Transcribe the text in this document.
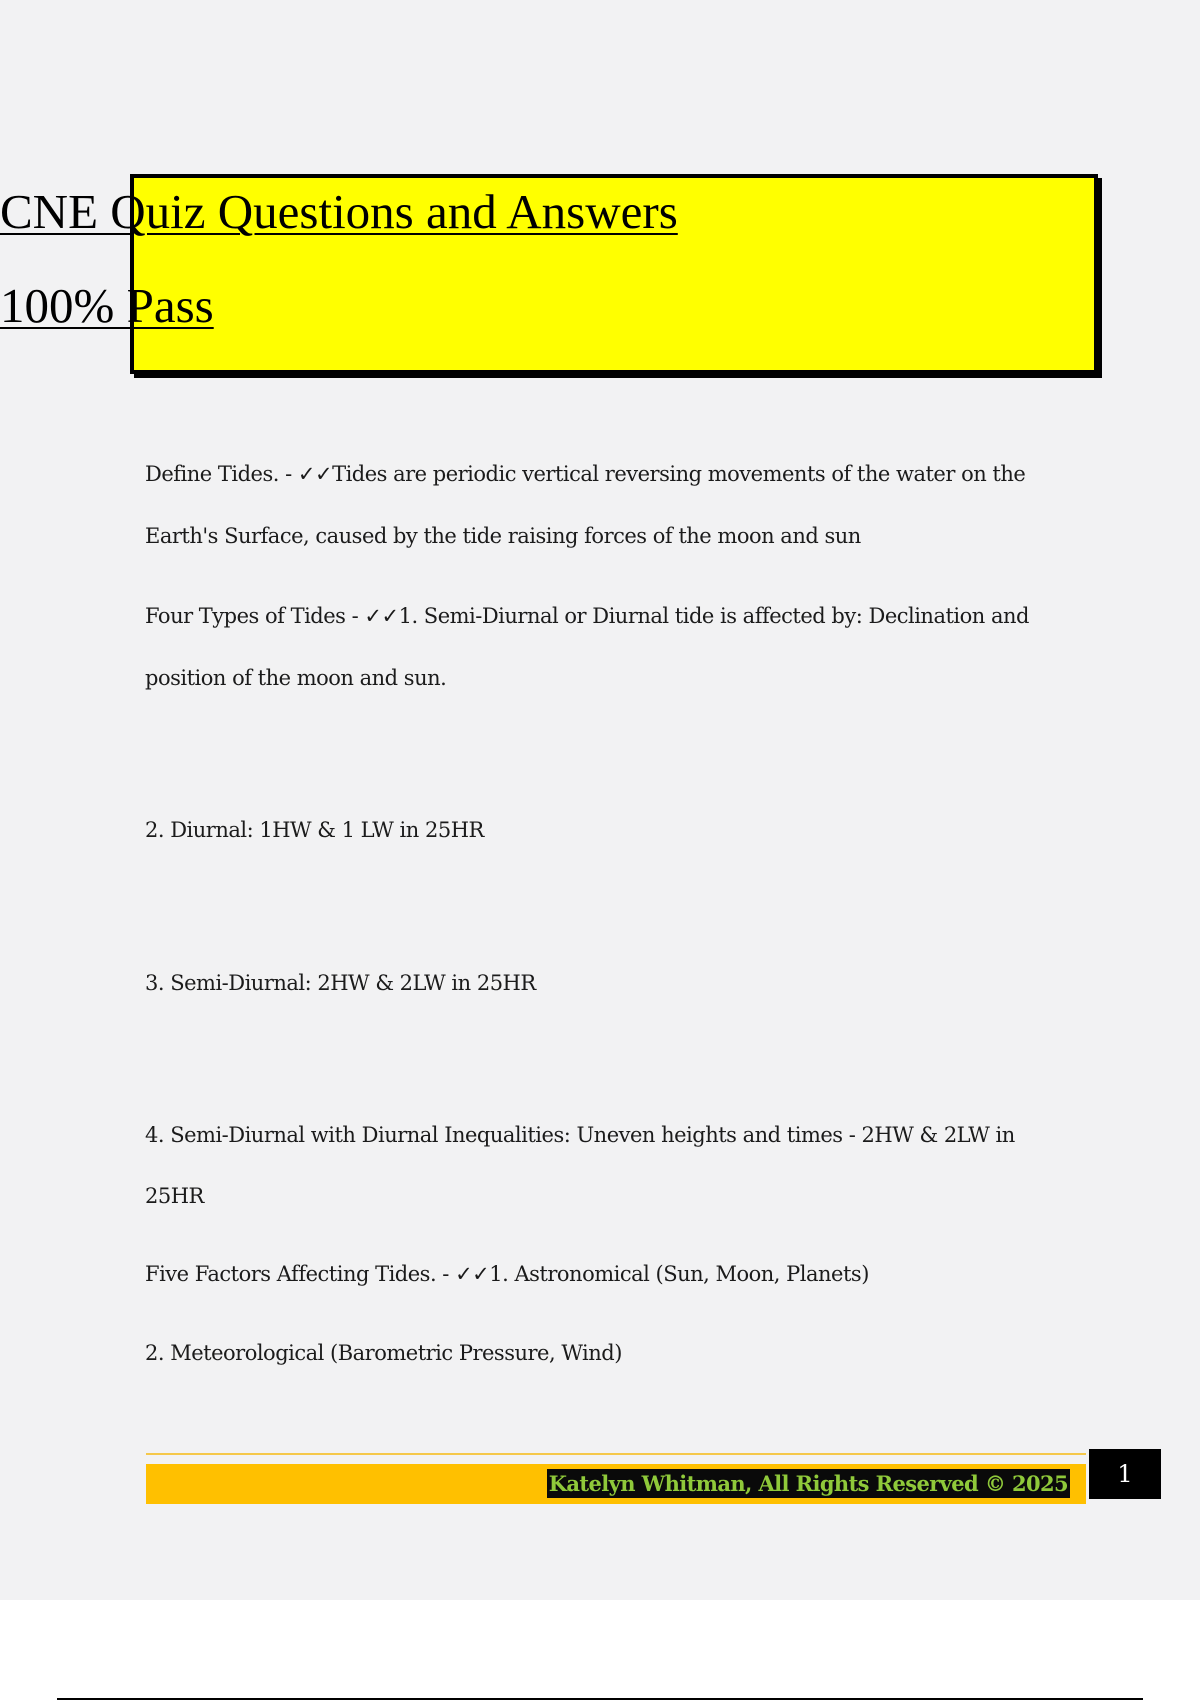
CNE Quiz Questions and Answers
100% Pass
Define Tides. - ✓✓Tides are periodic vertical reversing movements of the water on the
Earth's Surface, caused by the tide raising forces of the moon and sun
Four Types of Tides - ✓✓1. Semi-Diurnal or Diurnal tide is affected by: Declination and
position of the moon and sun.
2. Diurnal: 1HW & 1 LW in 25HR
3. Semi-Diurnal: 2HW & 2LW in 25HR
4. Semi-Diurnal with Diurnal Inequalities: Uneven heights and times - 2HW & 2LW in
25HR
Five Factors Affecting Tides. - ✓✓1. Astronomical (Sun, Moon, Planets)
2. Meteorological (Barometric Pressure, Wind)
Katelyn Whitman, All Rights Reserved © 2025	1
